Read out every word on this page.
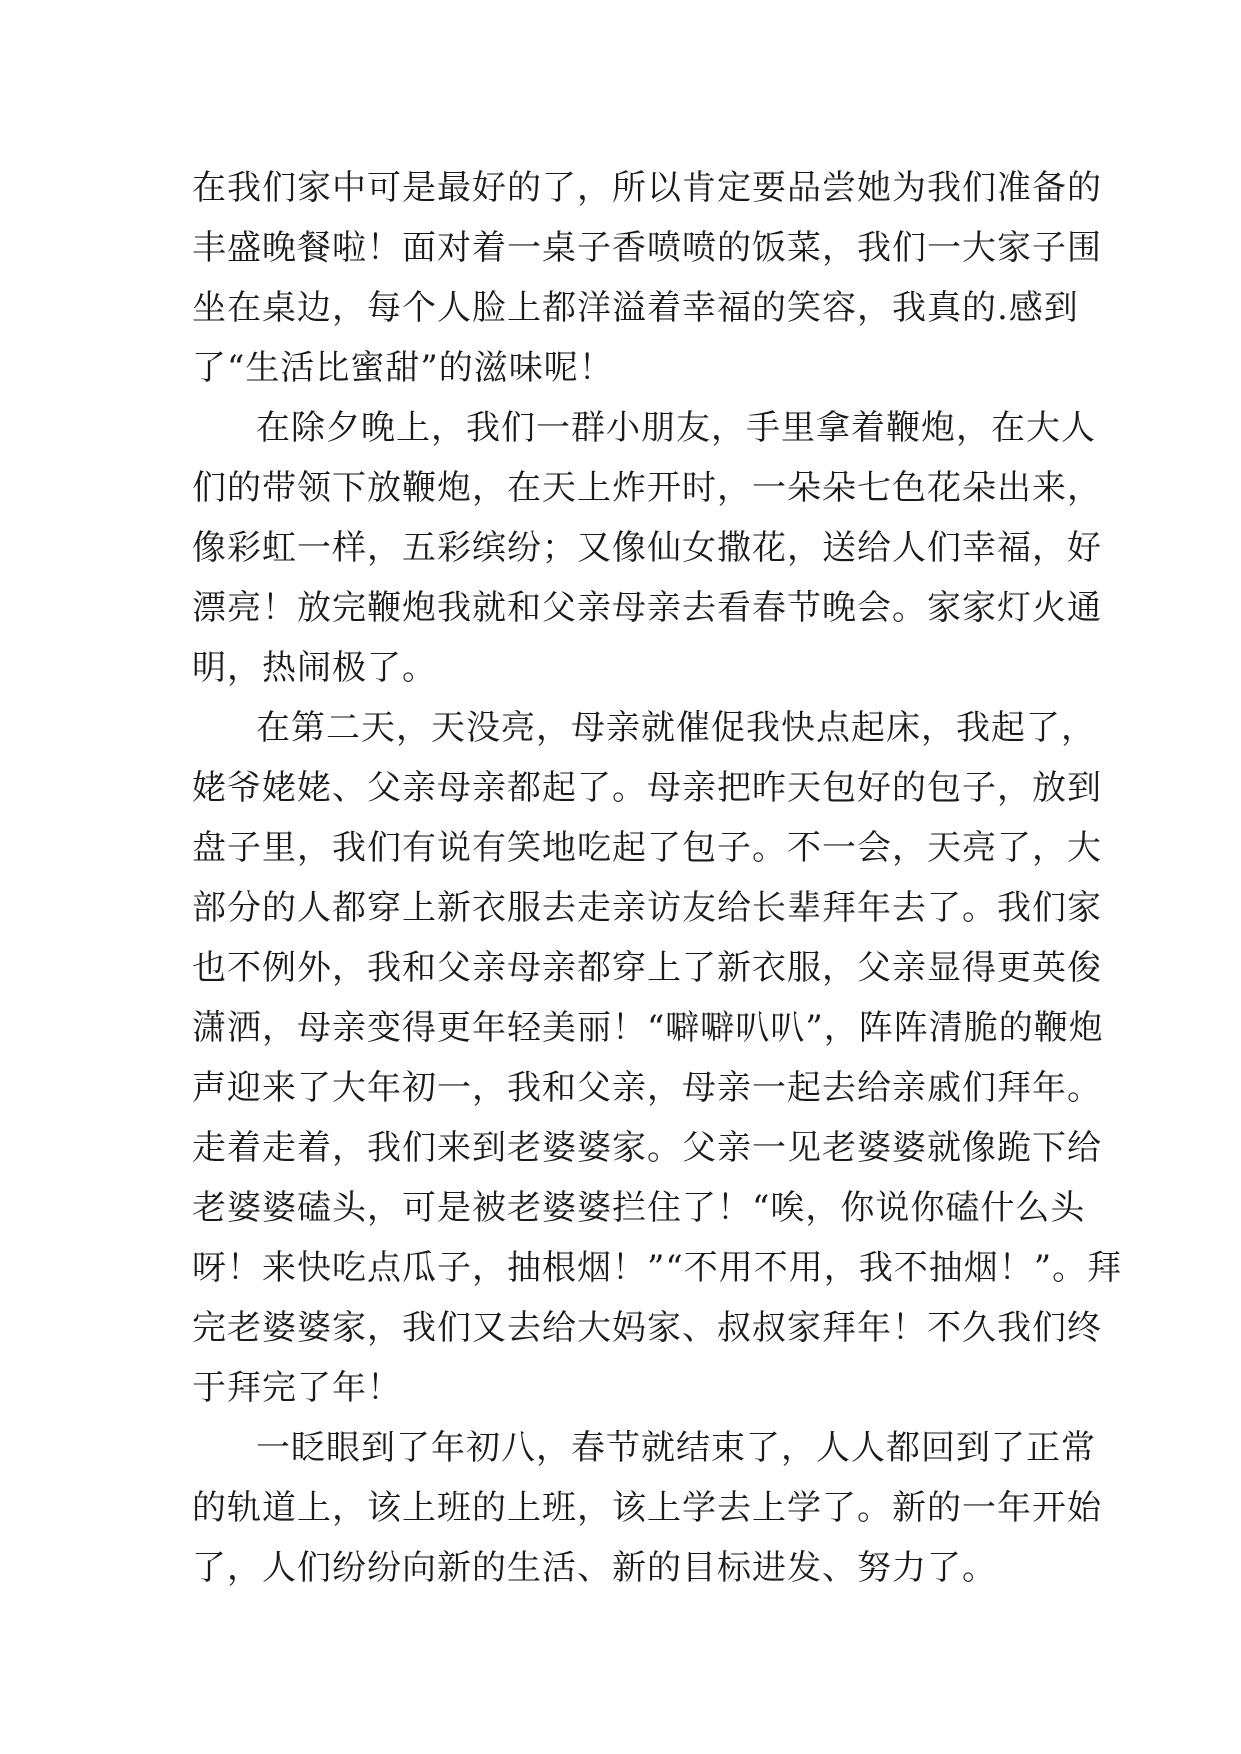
在我们家中可是最好的了，所以肯定要品尝她为我们准备的
丰盛晚餐啦！面对着一桌子香喷喷的饭菜，我们一大家子围
坐在桌边，每个人脸上都洋溢着幸福的笑容，我真的.感到
了“生活比蜜甜”的滋味呢！
在除夕晚上，我们一群小朋友，手里拿着鞭炮，在大人
们的带领下放鞭炮，在天上炸开时，一朵朵七色花朵出来，
像彩虹一样，五彩缤纷；又像仙女撒花，送给人们幸福，好
漂亮！放完鞭炮我就和父亲母亲去看春节晚会。家家灯火通
明，热闹极了。
在第二天，天没亮，母亲就催促我快点起床，我起了，
姥爷姥姥、父亲母亲都起了。母亲把昨天包好的包子，放到
盘子里，我们有说有笑地吃起了包子。不一会，天亮了，大
部分的人都穿上新衣服去走亲访友给长辈拜年去了。我们家
也不例外，我和父亲母亲都穿上了新衣服，父亲显得更英俊
潇洒，母亲变得更年轻美丽！“噼噼叭叭”，阵阵清脆的鞭炮
声迎来了大年初一，我和父亲，母亲一起去给亲戚们拜年。
走着走着，我们来到老婆婆家。父亲一见老婆婆就像跪下给
老婆婆磕头，可是被老婆婆拦住了！“唉，你说你磕什么头
呀！来快吃点瓜子，抽根烟！”“不用不用，我不抽烟！”。拜
完老婆婆家，我们又去给大妈家、叔叔家拜年！不久我们终
于拜完了年！
一眨眼到了年初八，春节就结束了，人人都回到了正常
的轨道上，该上班的上班，该上学去上学了。新的一年开始
了，人们纷纷向新的生活、新的目标进发、努力了。
